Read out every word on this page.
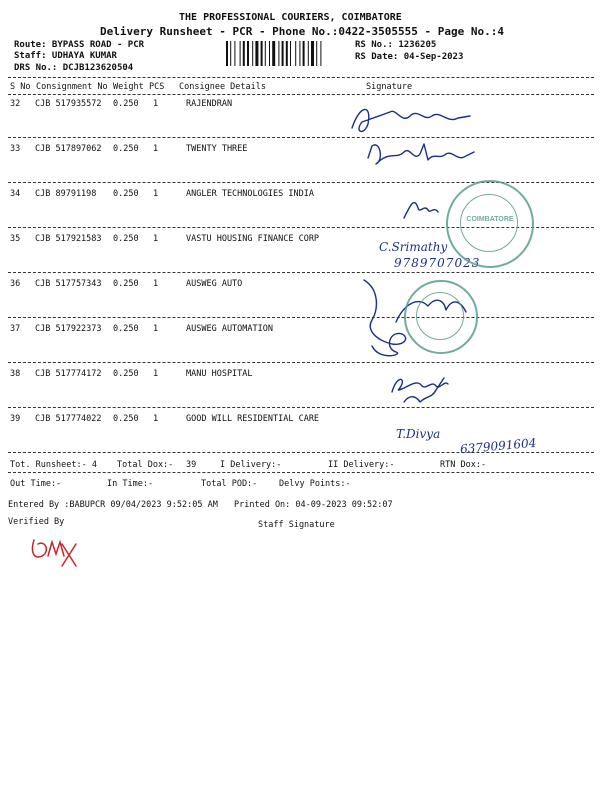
THE PROFESSIONAL COURIERS, COIMBATORE
Delivery Runsheet - PCR - Phone No.:0422-3505555 - Page No.:4
Route: BYPASS ROAD - PCR
Staff: UDHAYA KUMAR
DRS No.: DCJB123620504
RS No.: 1236205
RS Date: 04-Sep-2023
S No Consignment No Weight PCS Consignee Details	Signature
32 CJB 517935572 0.250 1	RAJENDRAN
33 CJB 517897062 0.250 1	TWENTY THREE
34 CJB 89791198 0.250 1	ANGLER TECHNOLOGIES INDIA
35 CJB 517921583 0.250 1	VASTU HOUSING FINANCE CORP
36 CJB 517757343 0.250 1	AUSWEG AUTO
37 CJB 517922373 0.250 1	AUSWEG AUTOMATION
38 CJB 517774172 0.250 1	MANU HOSPITAL
39 CJB 517774022 0.250 1	GOOD WILL RESIDENTIAL CARE
Tot. Runsheet:- 4 Total Dox:- 39	I Delivery:-	II Delivery:-	RTN Dox:-
Out Time:-	In Time:-	Total POD:-	Delvy Points:-
Entered By :BABUPCR 09/04/2023 9:52:05 AM Printed On: 04-09-2023 09:52:07
Verified By	Staff Signature
C.Srimathy
9789707023
T.Divya
6379091604
COIMBATORE
